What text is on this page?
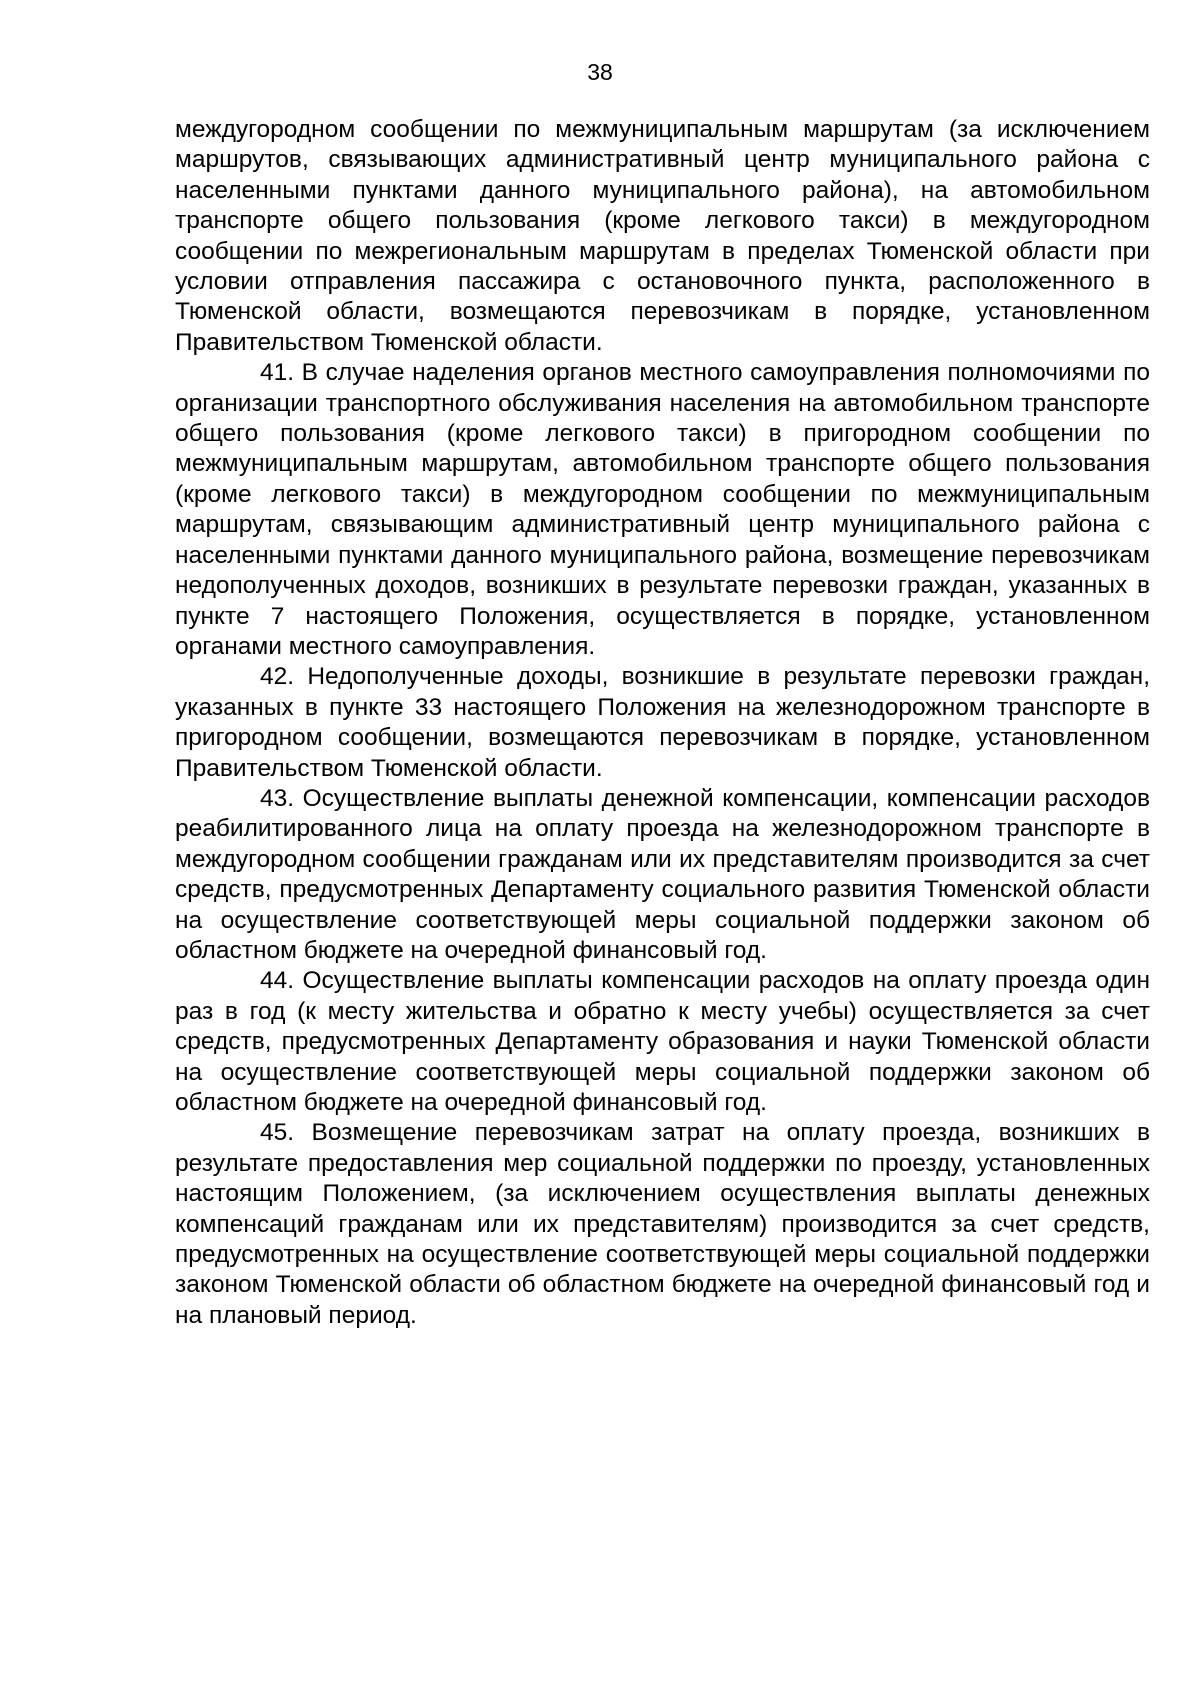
38

междугородном сообщении по межмуниципальным маршрутам (за исключением маршрутов, связывающих административный центр муниципального района с населенными пунктами данного муниципального района), на автомобильном транспорте общего пользования (кроме легкового такси) в междугородном сообщении по межрегиональным маршрутам в пределах Тюменской области при условии отправления пассажира с остановочного пункта, расположенного в Тюменской области, возмещаются перевозчикам в порядке, установленном Правительством Тюменской области.

41. В случае наделения органов местного самоуправления полномочиями по организации транспортного обслуживания населения на автомобильном транспорте общего пользования (кроме легкового такси) в пригородном сообщении по межмуниципальным маршрутам, автомобильном транспорте общего пользования (кроме легкового такси) в междугородном сообщении по межмуниципальным маршрутам, связывающим административный центр муниципального района с населенными пунктами данного муниципального района, возмещение перевозчикам недополученных доходов, возникших в результате перевозки граждан, указанных в пункте 7 настоящего Положения, осуществляется в порядке, установленном органами местного самоуправления.

42. Недополученные доходы, возникшие в результате перевозки граждан, указанных в пункте 33 настоящего Положения на железнодорожном транспорте в пригородном сообщении, возмещаются перевозчикам в порядке, установленном Правительством Тюменской области.

43. Осуществление выплаты денежной компенсации, компенсации расходов реабилитированного лица на оплату проезда на железнодорожном транспорте в междугородном сообщении гражданам или их представителям производится за счет средств, предусмотренных Департаменту социального развития Тюменской области на осуществление соответствующей меры социальной поддержки законом об областном бюджете на очередной финансовый год.

44. Осуществление выплаты компенсации расходов на оплату проезда один раз в год (к месту жительства и обратно к месту учебы) осуществляется за счет средств, предусмотренных Департаменту образования и науки Тюменской области на осуществление соответствующей меры социальной поддержки законом об областном бюджете на очередной финансовый год.

45. Возмещение перевозчикам затрат на оплату проезда, возникших в результате предоставления мер социальной поддержки по проезду, установленных настоящим Положением, (за исключением осуществления выплаты денежных компенсаций гражданам или их представителям) производится за счет средств, предусмотренных на осуществление соответствующей меры социальной поддержки законом Тюменской области об областном бюджете на очередной финансовый год и на плановый период.
